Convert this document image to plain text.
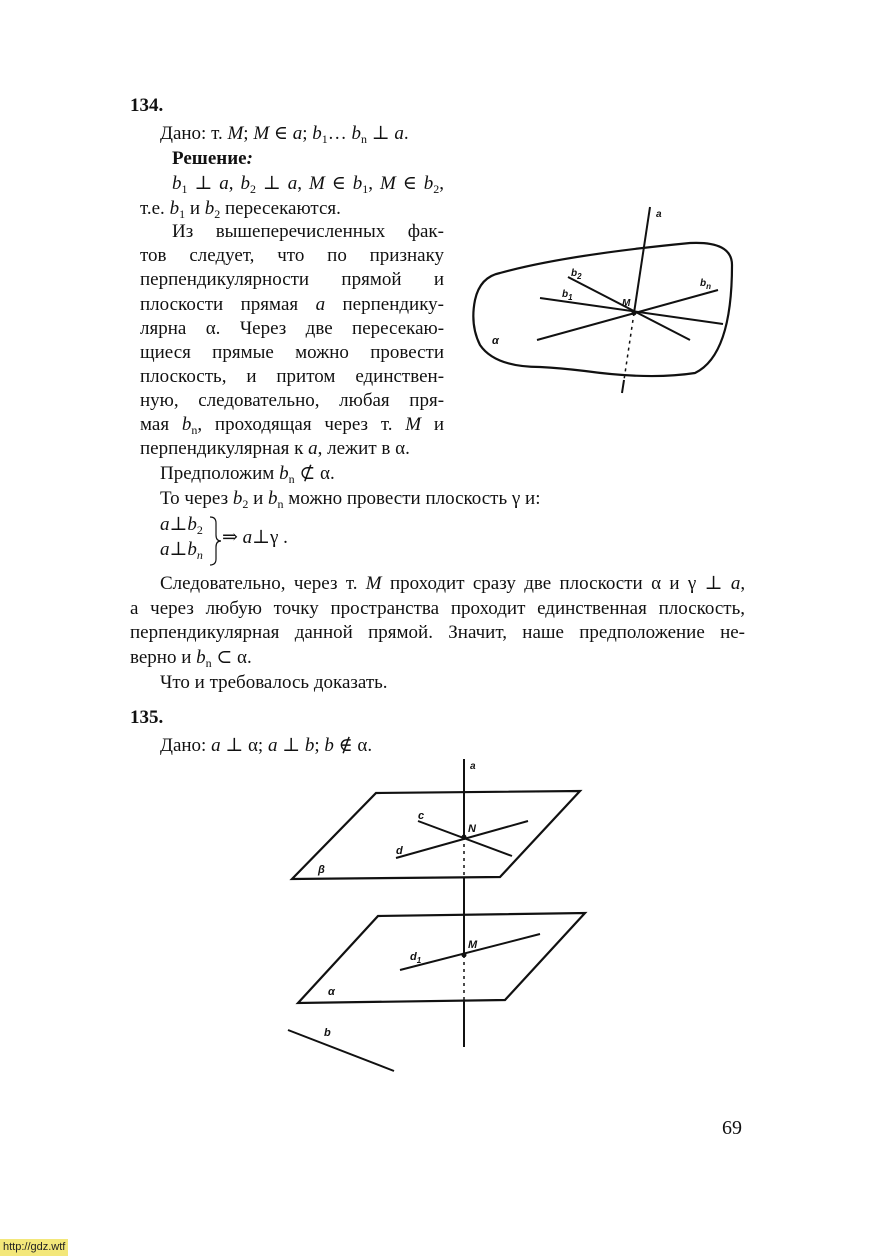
134.
Дано: т. M; M ∈ a; $b_1\dots$ $b_n$ ⊥ a.
Решение:
$b_1$ ⊥ a, $b_2$ ⊥ a, M ∈ $b_1$, M ∈ $b_2$,
т.е. $b_1$ и $b_2$ пересекаются.
Из вышеперечисленных фак-
тов следует, что по признаку
перпендикулярности прямой и
плоскости прямая a перпендику-
лярна α. Через две пересекаю-
щиеся прямые можно провести
плоскость, и притом единствен-
ную, следовательно, любая пря-
мая $b_n$, проходящая через т. M и
перпендикулярная к a, лежит в α.
Предположим $b_n$ ⊄ α.
То через $b_2$ и $b_n$ можно провести плоскость γ и:
$a\perp b_2$
$a\perp b_n$
⇒ a⊥γ .
Следовательно, через т. M проходит сразу две плоскости α и γ ⊥ a,
а через любую точку пространства проходит единственная плоскость,
перпендикулярная данной прямой. Значит, наше предположение не-
верно и $b_n$ ⊂ α.
Что и требовалось доказать.
a
$b_2$
$b_n$
$b_1$
M
α
135.
Дано: a ⊥ α; a ⊥ b; b ∉ α.
a
c
N
d
β
M
$d_1$
α
b
69
http://gdz.wtf
